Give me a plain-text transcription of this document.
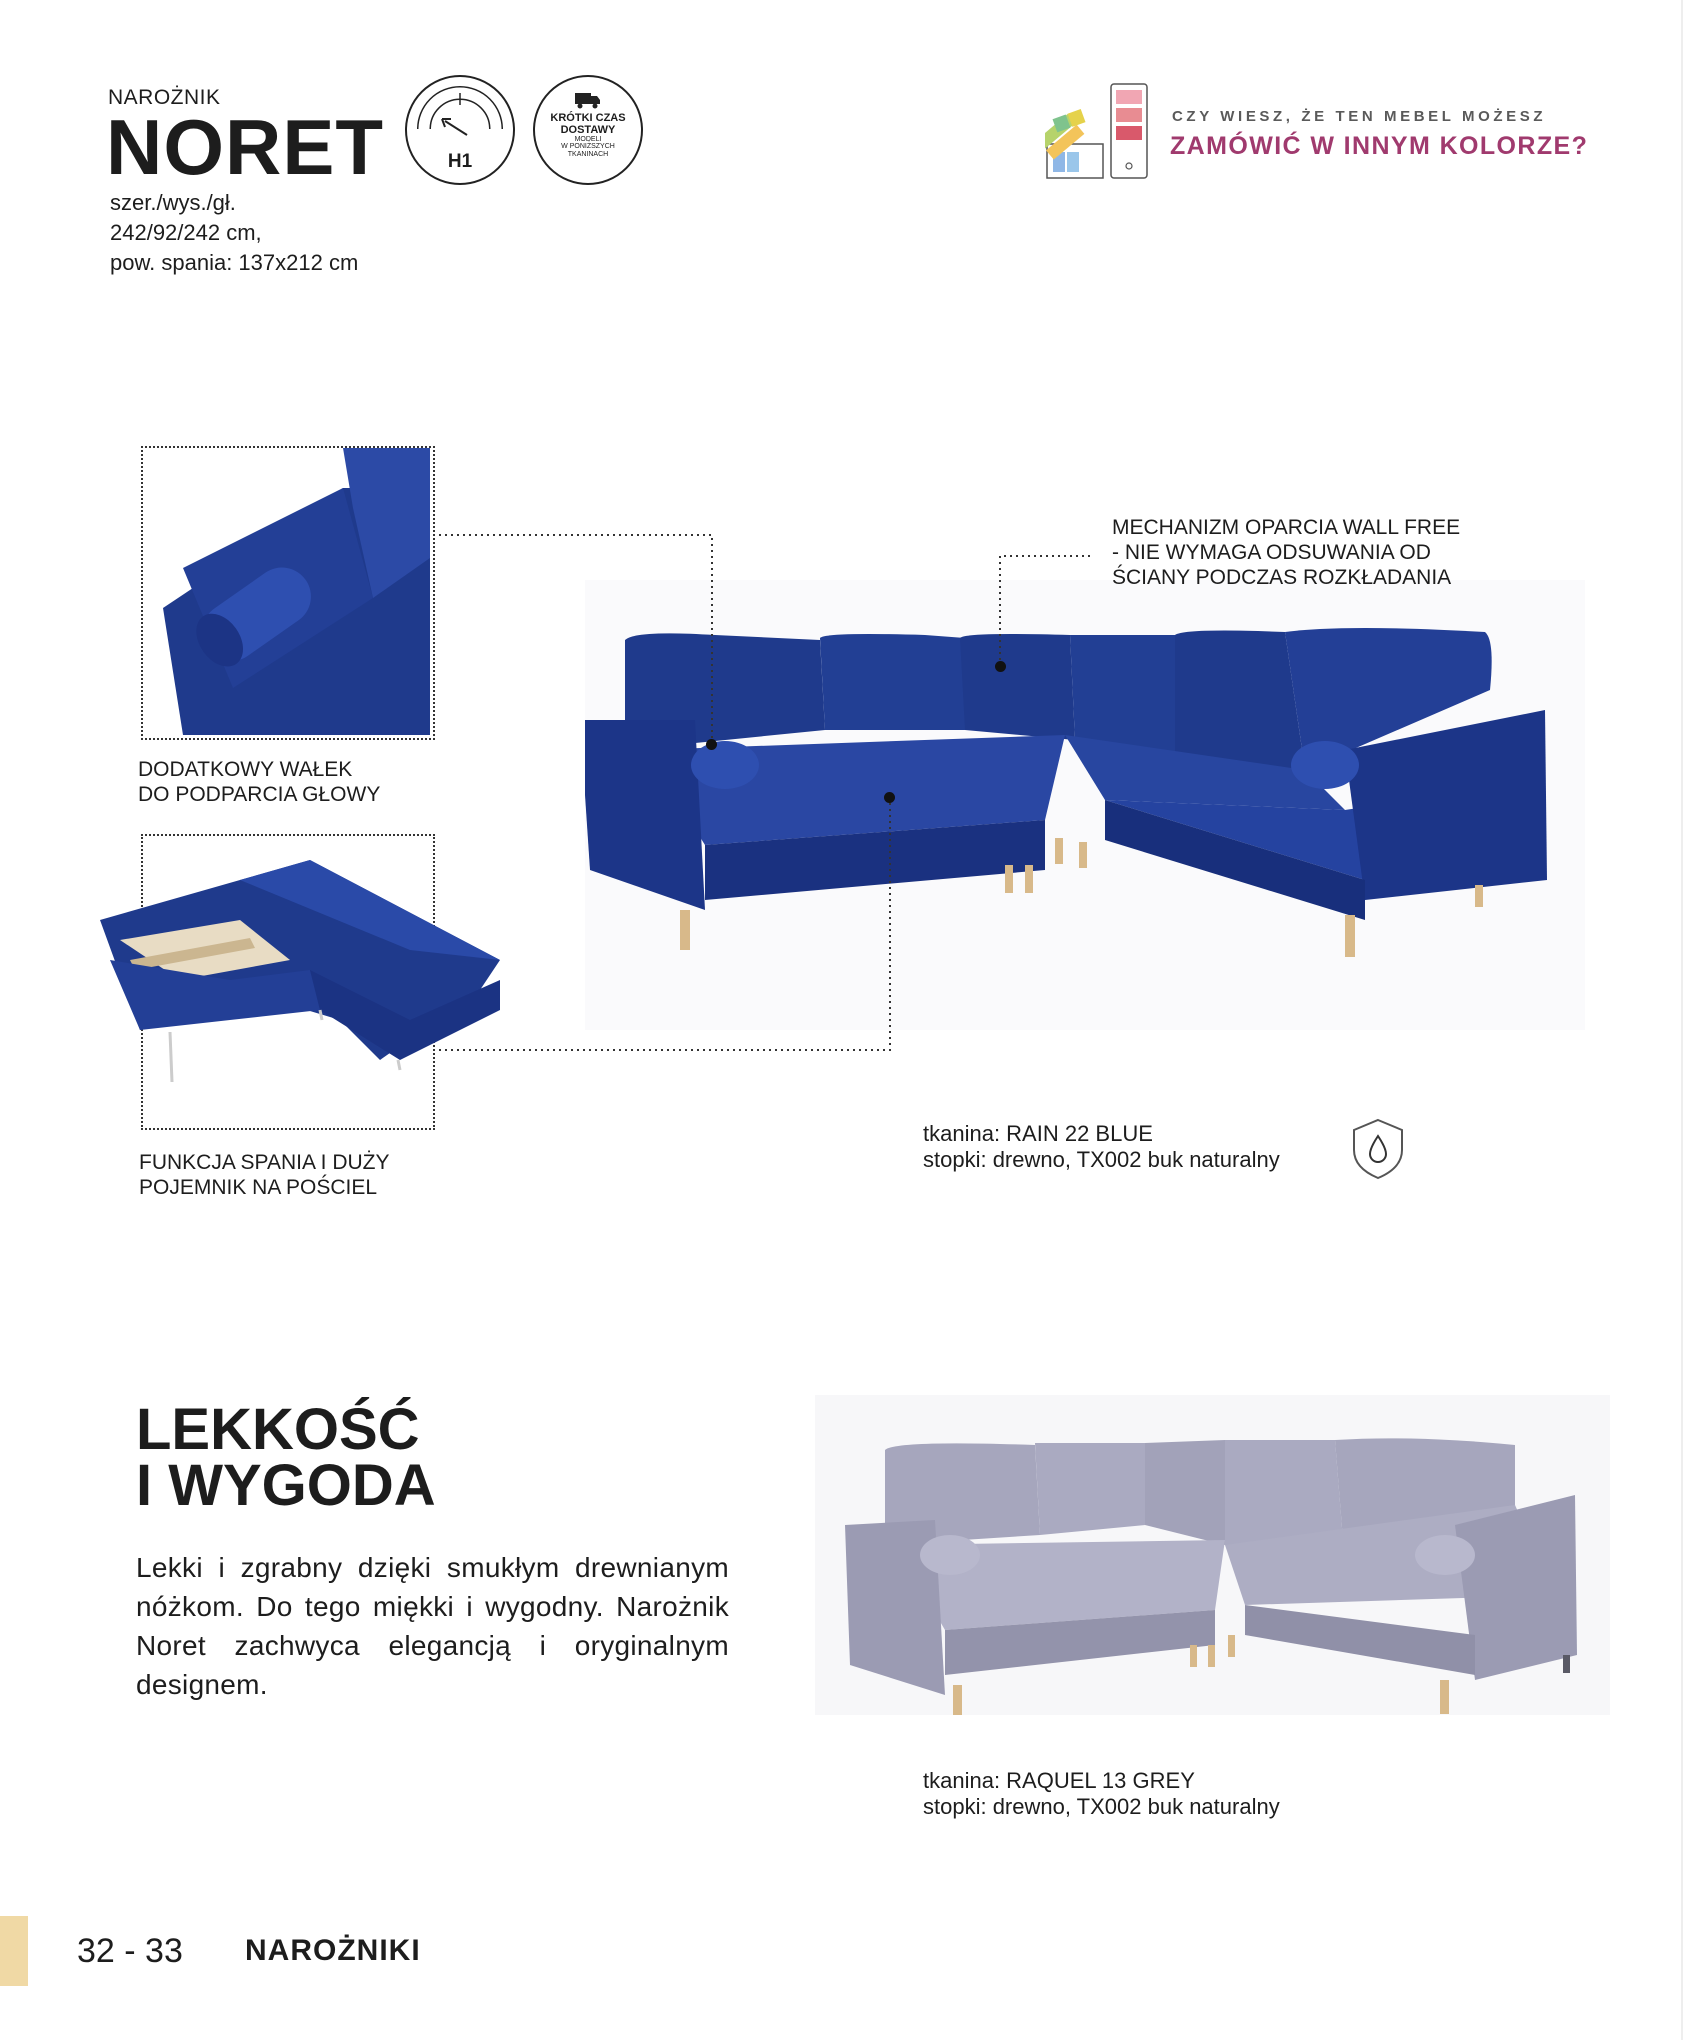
NAROŻNIK
NORET
szer./wys./gł.
242/92/242 cm,
pow. spania: 137x212 cm
H1
KRÓTKI CZAS
DOSTAWY
MODELI
W PONIŻSZYCH
TKANINACH
CZY WIESZ, ŻE TEN MEBEL MOŻESZ
ZAMÓWIĆ W INNYM KOLORZE?
DODATKOWY WAŁEK
DO PODPARCIA GŁOWY
FUNKCJA SPANIA I DUŻY
POJEMNIK NA POŚCIEL
MECHANIZM OPARCIA WALL FREE
- NIE WYMAGA ODSUWANIA OD
ŚCIANY PODCZAS ROZKŁADANIA
tkanina: RAIN 22 BLUE
stopki: drewno, TX002 buk naturalny
LEKKOŚĆ
I WYGODA
Lekki i zgrabny dzięki smukłym drewnianym nóżkom. Do tego miękki i wygodny. Narożnik Noret zachwyca elegancją i oryginalnym designem.
tkanina: RAQUEL 13 GREY
stopki: drewno, TX002 buk naturalny
32 - 33 NAROŻNIKI
